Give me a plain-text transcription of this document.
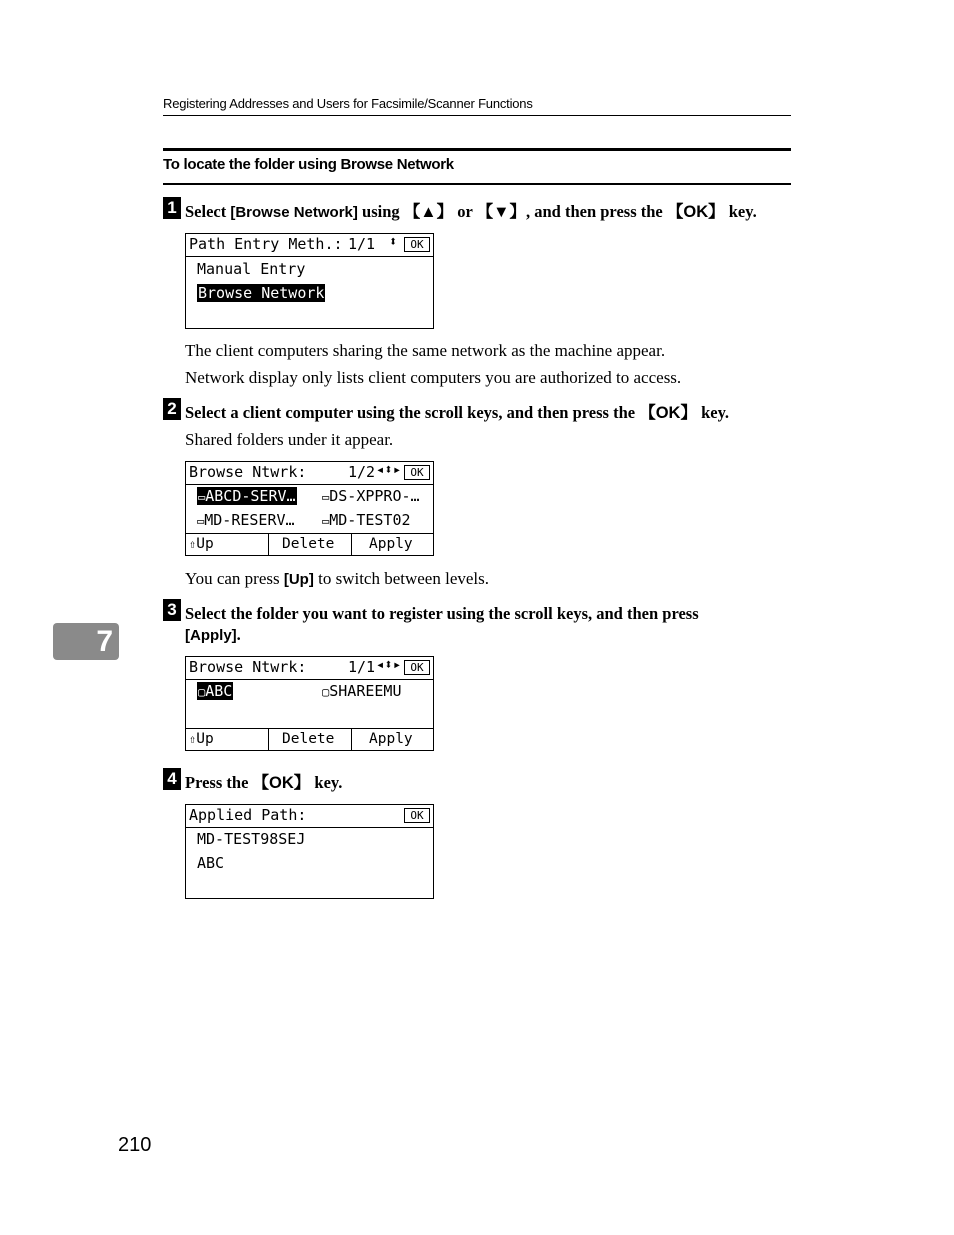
Registering Addresses and Users for Facsimile/Scanner Functions
To locate the folder using Browse Network
1 Select [Browse Network] using 【▲】 or 【▼】, and then press the 【OK】 key.
Path Entry Meth.: 1/1 ⬍	OK
Manual Entry
Browse Network
The client computers sharing the same network as the machine appear.
Network display only lists client computers you are authorized to access.
2 Select a client computer using the scroll keys, and then press the 【OK】 key.
Shared folders under it appear.
Browse Ntwrk:	1/2 ◂⬍▸ OK
▭ABCD-SERV… ▭DS-XPPRO-…
▭MD-RESERV… ▭MD-TEST02
⇧Up	Delete Apply
You can press [Up] to switch between levels.
7
3 Select the folder you want to register using the scroll keys, and then press
[Apply].
Browse Ntwrk:	1/1 ◂⬍▸ OK
▢ABC	▢SHAREEMU
⇧Up	Delete Apply
4 Press the 【OK】 key.
Applied Path:	OK
MD-TEST98SEJ
ABC
210
